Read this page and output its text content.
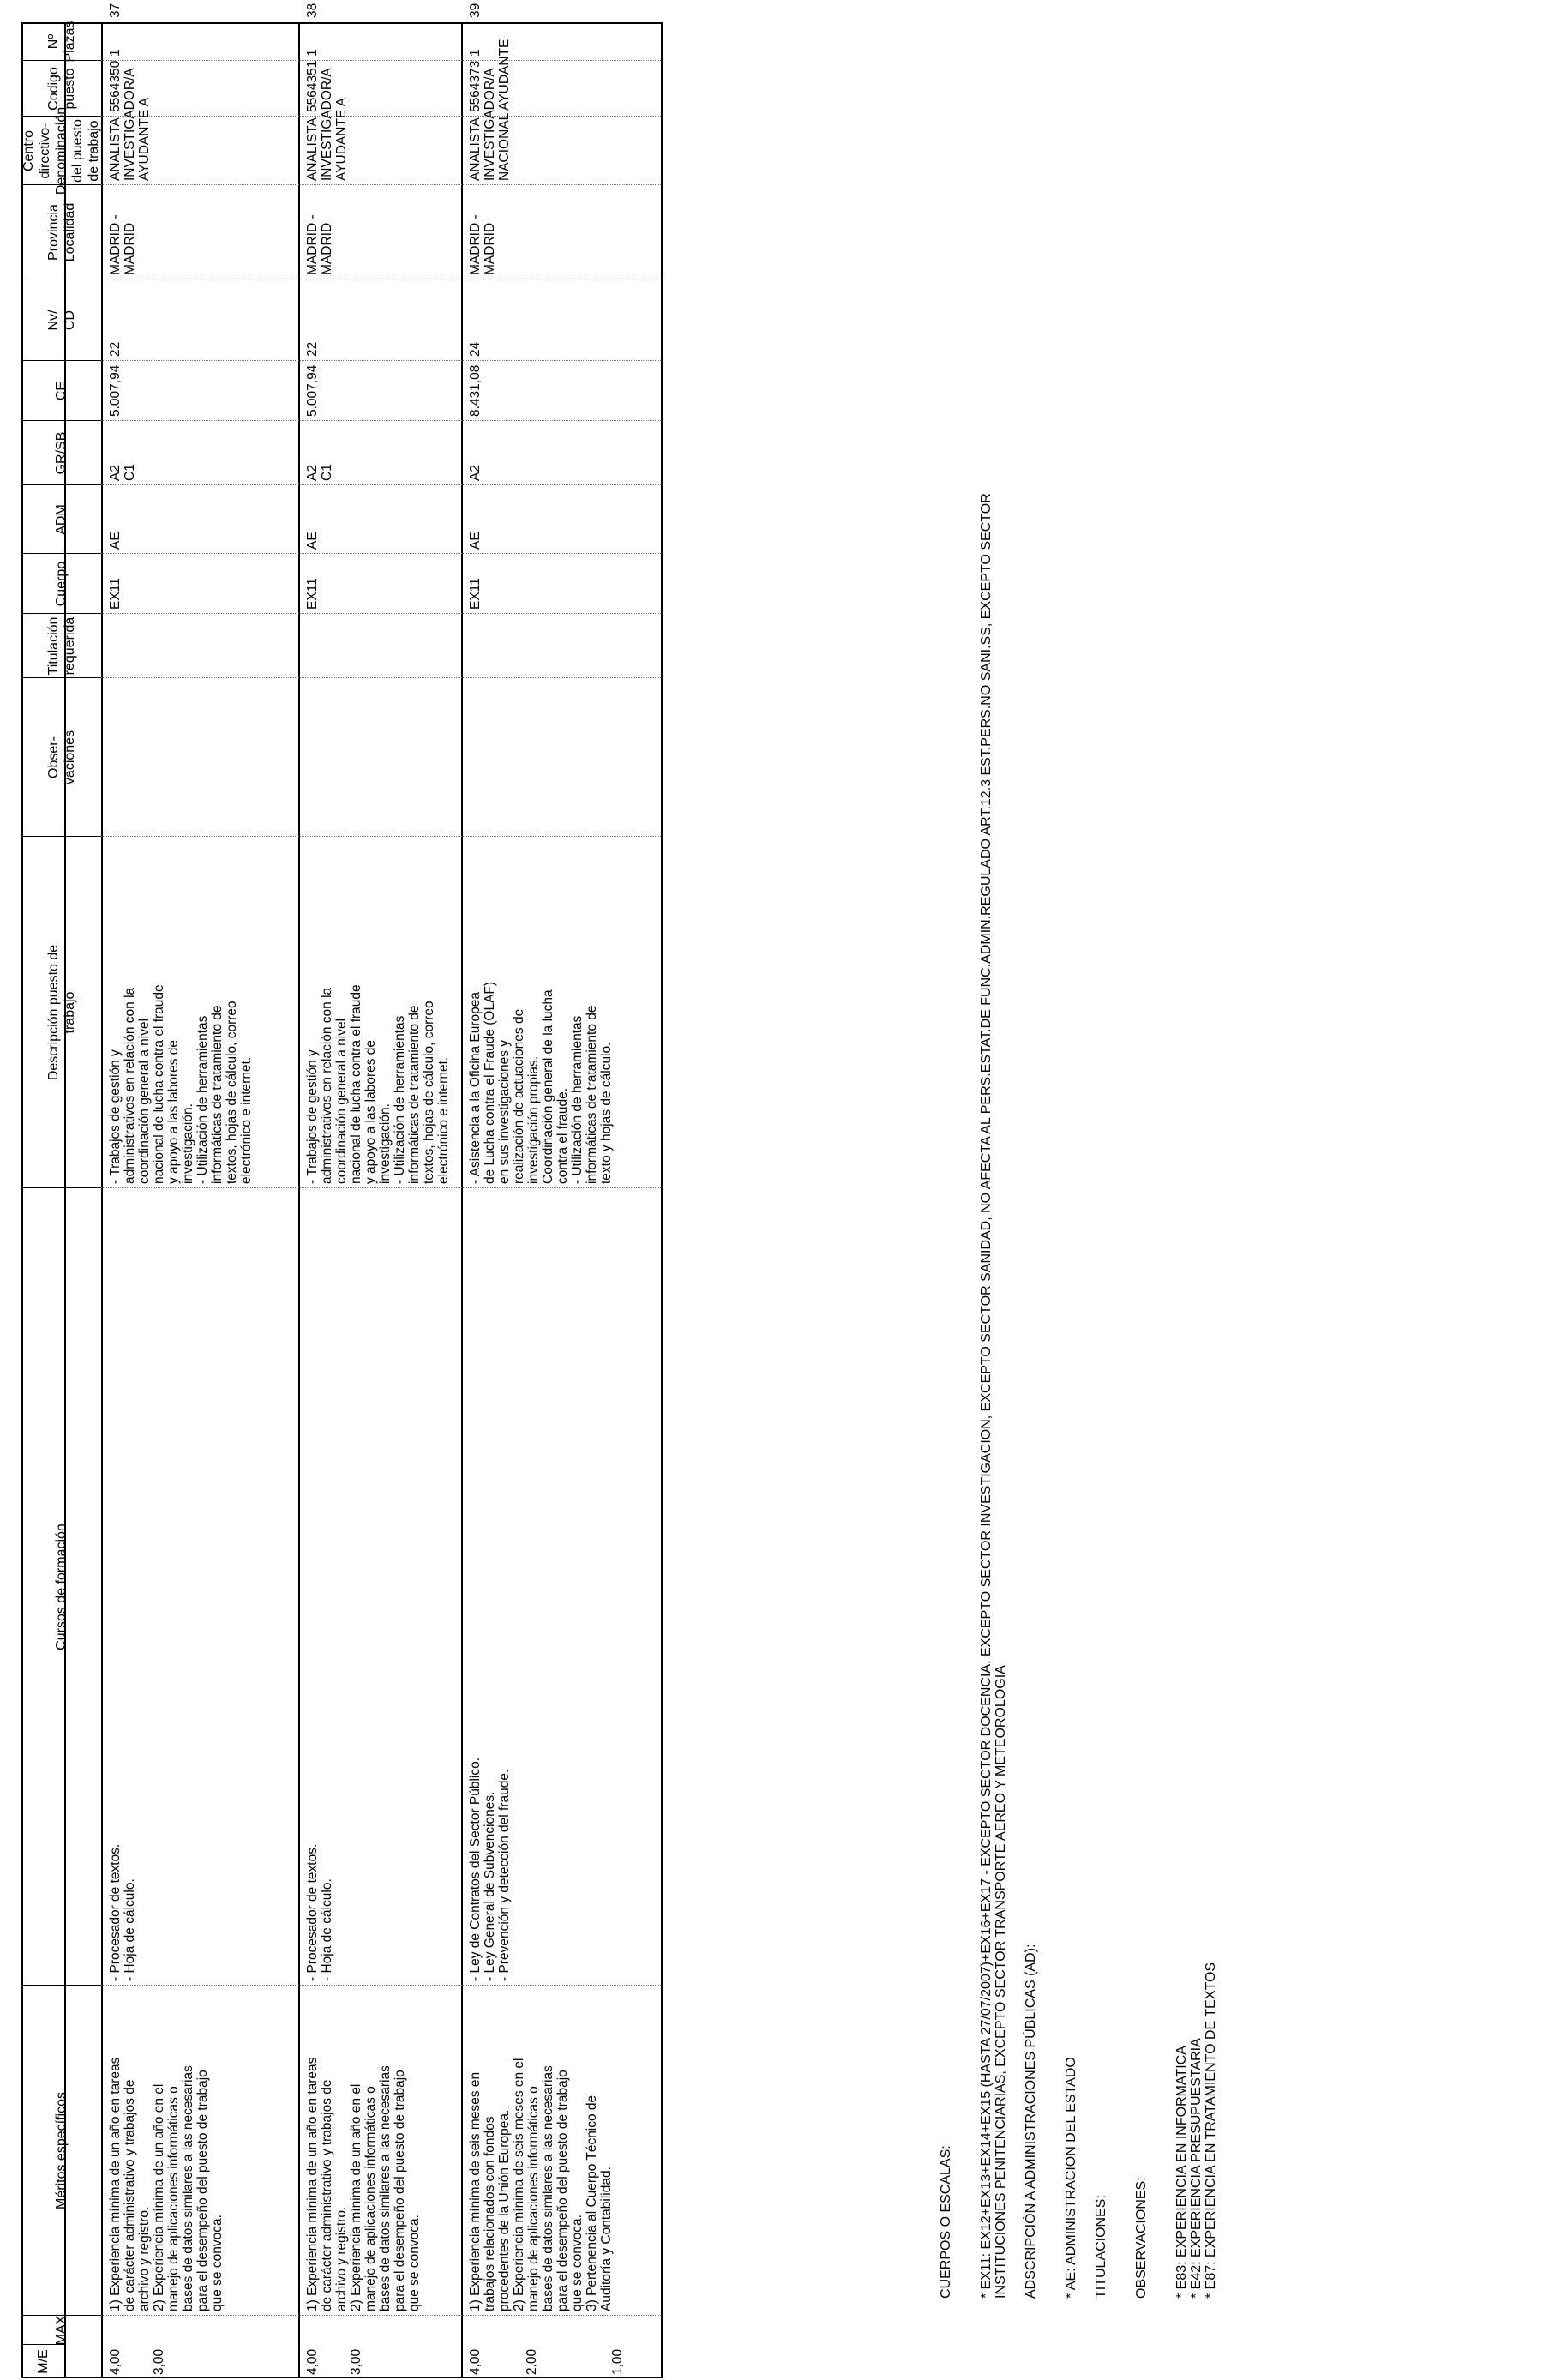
M/E
MAX
Méritos específicos
Cursos de formación
Descripción puesto de
trabajo
Obser-
vaciones
Titulación
requerida
Cuerpo
ADM
GR/SB
CE
Nv/
CD
Provincia
Localidad
Centro directivo-
Denominación del puesto
de trabajo
Codigo
puesto
Nº
Plazas
4,00 3,00
1) Experiencia mínima de un año en tareas
de carácter administrativo y trabajos de
archivo y registro.
2) Experiencia mínima de un año en el
manejo de aplicaciones informáticas o
bases de datos similares a las necesarias
para el desempeño del puesto de trabajo
que se convoca.
- Procesador de textos.
- Hoja de cálculo.
- Trabajos de gestión y
administrativos en relación con la
coordinación general a nivel
nacional de lucha contra el fraude
y apoyo a las labores de
investigación.
- Utilización de herramientas
informáticas de tratamiento de
textos, hojas de cálculo, correo
electrónico e internet.
EX11
AE
A2
C1
5.007,94
22
MADRID -
MADRID
ANALISTA INVESTIGADOR/A
AYUDANTE A
5564350
1
37
4,00 3,00
1) Experiencia mínima de un año en tareas
de carácter administrativo y trabajos de
archivo y registro.
2) Experiencia mínima de un año en el
manejo de aplicaciones informáticas o
bases de datos similares a las necesarias
para el desempeño del puesto de trabajo
que se convoca.
- Procesador de textos.
- Hoja de cálculo.
- Trabajos de gestión y
administrativos en relación con la
coordinación general a nivel
nacional de lucha contra el fraude
y apoyo a las labores de
investigación.
- Utilización de herramientas
informáticas de tratamiento de
textos, hojas de cálculo, correo
electrónico e internet.
EX11
AE
A2
C1
5.007,94
22
MADRID -
MADRID
ANALISTA INVESTIGADOR/A
AYUDANTE A
5564351
1
38
4,00	2,00	1,00
1) Experiencia mínima de seis meses en
trabajos relacionados con fondos
procedentes de la Unión Europea.
2) Experiencia mínima de seis meses en el
manejo de aplicaciones informáticas o
bases de datos similares a las necesarias
para el desempeño del puesto de trabajo
que se convoca.
3) Pertenencia al Cuerpo Técnico de
Auditoría y Contabilidad.
- Ley de Contratos del Sector Público.
- Ley General de Subvenciones.
- Prevención y detección del fraude.
- Asistencia a la Oficina Europea
de Lucha contra el Fraude (OLAF)
en sus investigaciones y
realización de actuaciones de
investigación propias.
Coordinación general de la lucha
contra el fraude.
- Utilización de herramientas
informáticas de tratamiento de
texto y hojas de cálculo.
EX11
AE
A2
8.431,08
24
MADRID -
MADRID
ANALISTA INVESTIGADOR/A
NACIONAL AYUDANTE
5564373
1
39
CUERPOS O ESCALAS: * EX11: EX12+EX13+EX14+EX15 (HASTA 27/07/2007)+EX16+EX17 - EXCEPTO SECTOR DOCENCIA, EXCEPTO SECTOR INVESTIGACION, EXCEPTO SECTOR SANIDAD, NO AFECTA AL PERS.ESTAT.DE FUNC.ADMIN.REGULADO ART.12.3 EST.PERS.NO SANI.SS, EXCEPTO SECTOR
INSTITUCIONES PENITENCIARIAS, EXCEPTO SECTOR TRANSPORTE AEREO Y METEOROLOGIA
ADSCRIPCIÓN A ADMINISTRACIONES PÚBLICAS (AD): * AE: ADMINISTRACION DEL ESTADO TITULACIONES: OBSERVACIONES: * E83: EXPERIENCIA EN INFORMATICA
* E42: EXPERIENCIA PRESUPUESTARIA
* E87: EXPERIENCIA EN TRATAMIENTO DE TEXTOS
